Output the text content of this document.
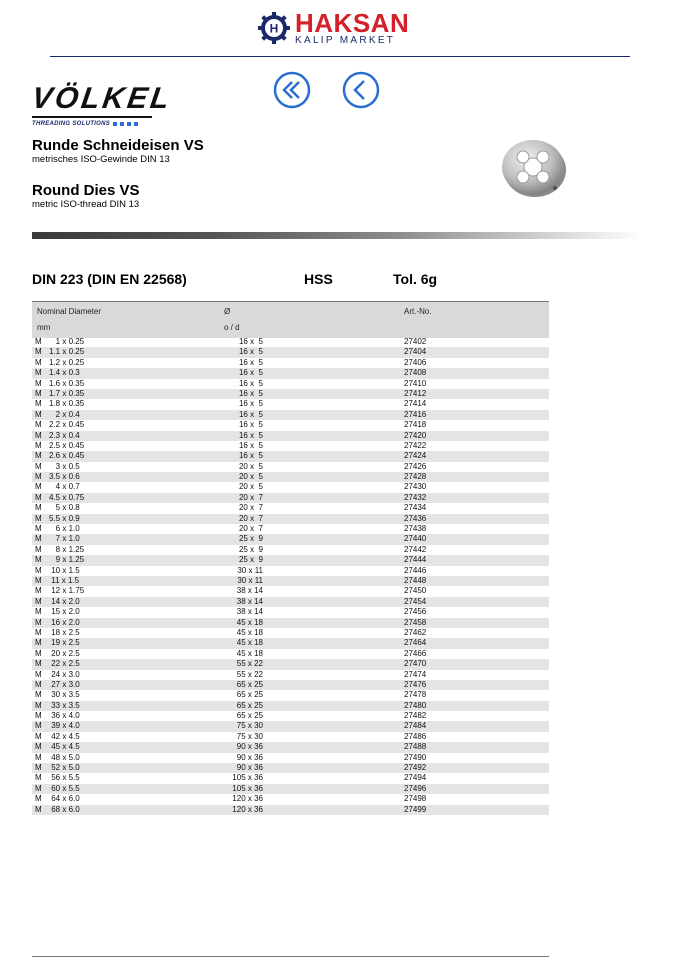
H HAKSAN
KALIP MARKET
VÖLKEL
THREADING SOLUTIONS
Runde Schneideisen VS
metrisches ISO-Gewinde DIN 13
Round Dies VS
metric ISO-thread DIN 13
DIN 223 (DIN EN 22568)	HSS	Tol. 6g
Nominal Diameter
mm
Ø
o / d
Art.-No.
M 1 x 0.25	16 x  5	27402
M 1.1 x 0.25	16 x  5	27404
M 1.2 x 0.25	16 x  5	27406
M 1.4 x 0.3	16 x  5	27408
M 1.6 x 0.35	16 x  5	27410
M 1.7 x 0.35	16 x  5	27412
M 1.8 x 0.35	16 x  5	27414
M 2 x 0.4	16 x  5	27416
M 2.2 x 0.45	16 x  5	27418
M 2.3 x 0.4	16 x  5	27420
M 2.5 x 0.45	16 x  5	27422
M 2.6 x 0.45	16 x  5	27424
M 3 x 0.5	20 x  5	27426
M 3.5 x 0.6	20 x  5	27428
M 4 x 0.7	20 x  5	27430
M 4.5 x 0.75	20 x  7	27432
M 5 x 0.8	20 x  7	27434
M 5.5 x 0.9	20 x  7	27436
M 6 x 1.0	20 x  7	27438
M 7 x 1.0	25 x  9	27440
M 8 x 1.25	25 x  9	27442
M 9 x 1.25	25 x  9	27444
M 10 x 1.5	30 x 11	27446
M 11 x 1.5	30 x 11	27448
M 12 x 1.75	38 x 14	27450
M 14 x 2.0	38 x 14	27454
M 15 x 2.0	38 x 14	27456
M 16 x 2.0	45 x 18	27458
M 18 x 2.5	45 x 18	27462
M 19 x 2.5	45 x 18	27464
M 20 x 2.5	45 x 18	27466
M 22 x 2.5	55 x 22	27470
M 24 x 3.0	55 x 22	27474
M 27 x 3.0	65 x 25	27476
M 30 x 3.5	65 x 25	27478
M 33 x 3.5	65 x 25	27480
M 36 x 4.0	65 x 25	27482
M 39 x 4.0	75 x 30	27484
M 42 x 4.5	75 x 30	27486
M 45 x 4.5	90 x 36	27488
M 48 x 5.0	90 x 36	27490
M 52 x 5.0	90 x 36	27492
M 56 x 5.5	105 x 36	27494
M 60 x 5.5	105 x 36	27496
M 64 x 6.0	120 x 36	27498
M 68 x 6.0	120 x 36	27499
